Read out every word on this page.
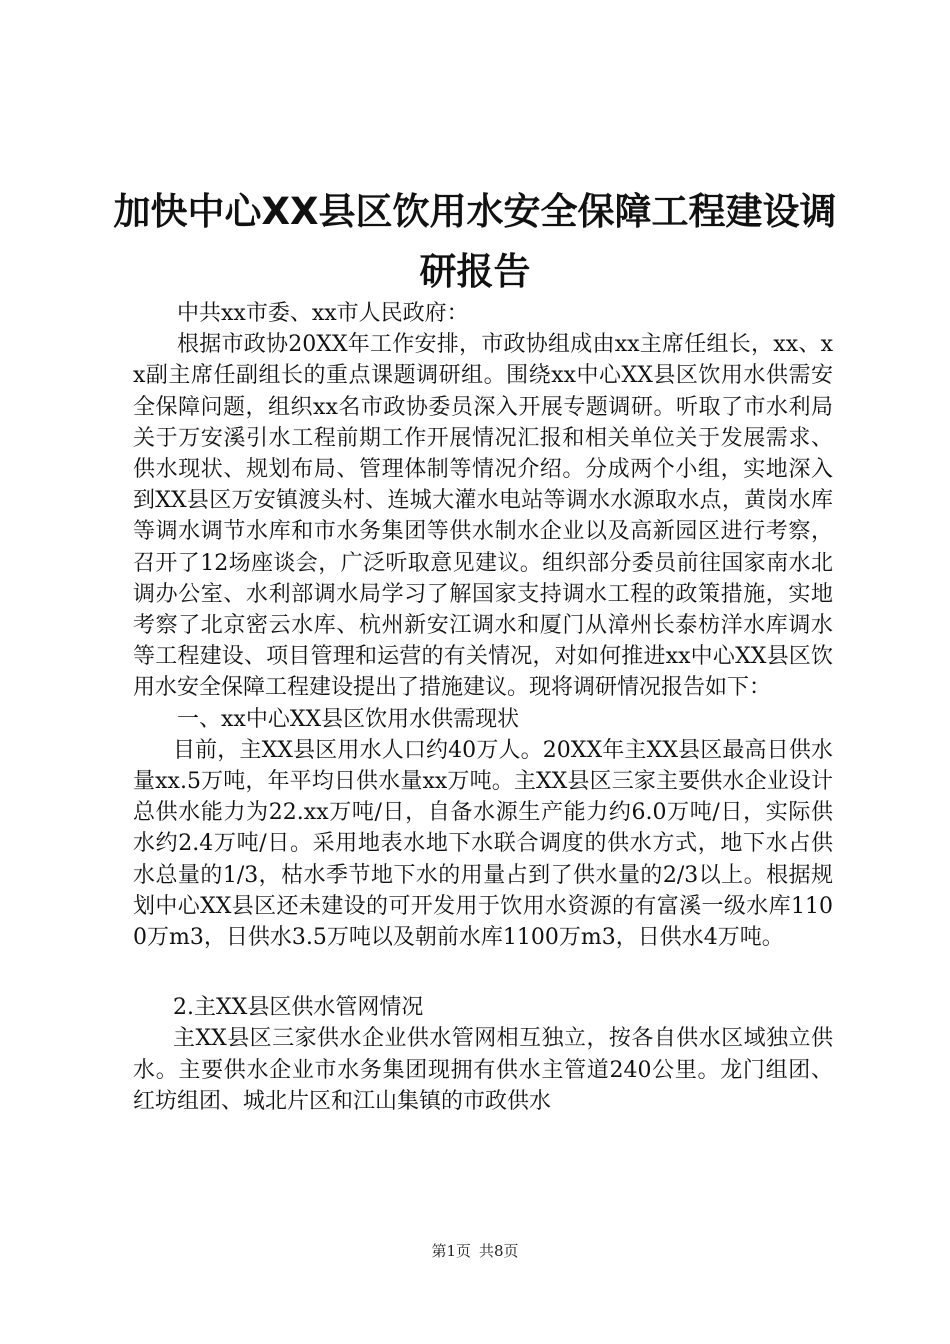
加快中心XX县区饮用水安全保障工程建设调
研报告

中共xx市委、xx市人民政府：

根据市政协20XX年工作安排，市政协组成由xx主席任组长，xx、xx副主席任副组长的重点课题调研组。围绕xx中心XX县区饮用水供需安全保障问题，组织xx名市政协委员深入开展专题调研。听取了市水利局关于万安溪引水工程前期工作开展情况汇报和相关单位关于发展需求、供水现状、规划布局、管理体制等情况介绍。分成两个小组，实地深入到XX县区万安镇渡头村、连城大灌水电站等调水水源取水点，黄岗水库等调水调节水库和市水务集团等供水制水企业以及高新园区进行考察，召开了12场座谈会，广泛听取意见建议。组织部分委员前往国家南水北调办公室、水利部调水局学习了解国家支持调水工程的政策措施，实地考察了北京密云水库、杭州新安江调水和厦门从漳州长泰枋洋水库调水等工程建设、项目管理和运营的有关情况，对如何推进xx中心XX县区饮用水安全保障工程建设提出了措施建议。现将调研情况报告如下：

一、xx中心XX县区饮用水供需现状

目前，主XX县区用水人口约40万人。20XX年主XX县区最高日供水量xx.5万吨，年平均日供水量xx万吨。主XX县区三家主要供水企业设计总供水能力为22.xx万吨/日，自备水源生产能力约6.0万吨/日，实际供水约2.4万吨/日。采用地表水地下水联合调度的供水方式，地下水占供水总量的1/3，枯水季节地下水的用量占到了供水量的2/3以上。根据规划中心XX县区还未建设的可开发用于饮用水资源的有富溪一级水库1100万m3，日供水3.5万吨以及朝前水库1100万m3，日供水4万吨。

2.主XX县区供水管网情况

主XX县区三家供水企业供水管网相互独立，按各自供水区域独立供水。主要供水企业市水务集团现拥有供水主管道240公里。龙门组团、红坊组团、城北片区和江山集镇的市政供水

第1页 共8页
